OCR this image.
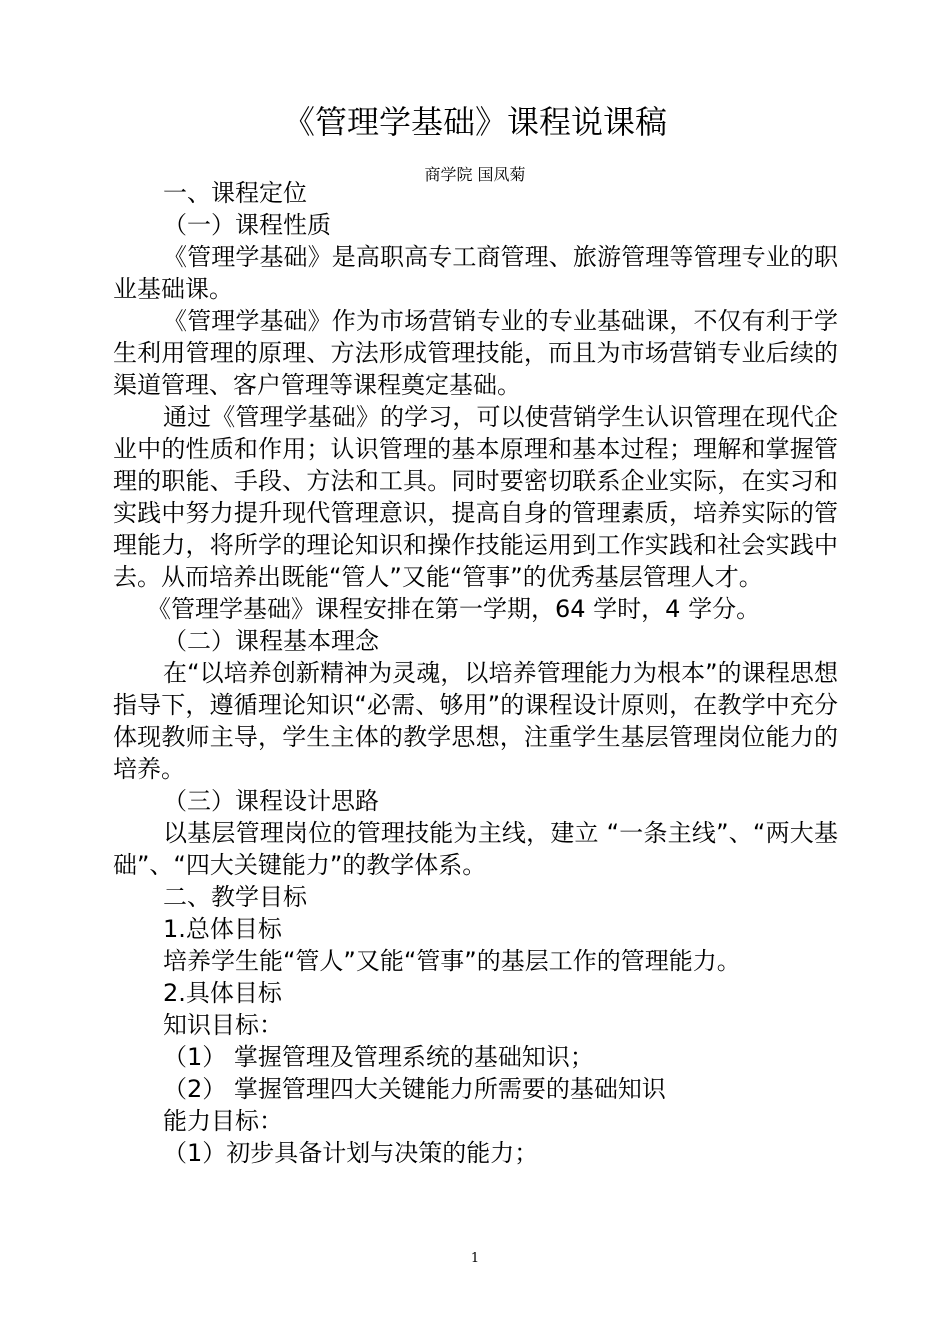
《管理学基础》课程说课稿
商学院 国凤菊

一、课程定位

（一）课程性质

《管理学基础》是高职高专工商管理、旅游管理等管理专业的职业基础课。

《管理学基础》作为市场营销专业的专业基础课，不仅有利于学生利用管理的原理、方法形成管理技能，而且为市场营销专业后续的渠道管理、客户管理等课程奠定基础。

通过《管理学基础》的学习，可以使营销学生认识管理在现代企业中的性质和作用；认识管理的基本原理和基本过程；理解和掌握管理的职能、手段、方法和工具。同时要密切联系企业实际，在实习和实践中努力提升现代管理意识，提高自身的管理素质，培养实际的管理能力，将所学的理论知识和操作技能运用到工作实践和社会实践中去。从而培养出既能“管人”又能“管事”的优秀基层管理人才。

《管理学基础》课程安排在第一学期，64 学时，4 学分。

（二）课程基本理念

在“以培养创新精神为灵魂，以培养管理能力为根本”的课程思想指导下，遵循理论知识“必需、够用”的课程设计原则，在教学中充分体现教师主导，学生主体的教学思想，注重学生基层管理岗位能力的培养。

（三）课程设计思路

以基层管理岗位的管理技能为主线，建立 “一条主线”、“两大基础”、“四大关键能力”的教学体系。

二、教学目标

1.总体目标

培养学生能“管人”又能“管事”的基层工作的管理能力。

2.具体目标

知识目标：

（1） 掌握管理及管理系统的基础知识；

（2） 掌握管理四大关键能力所需要的基础知识

能力目标：

（1）初步具备计划与决策的能力；

1
